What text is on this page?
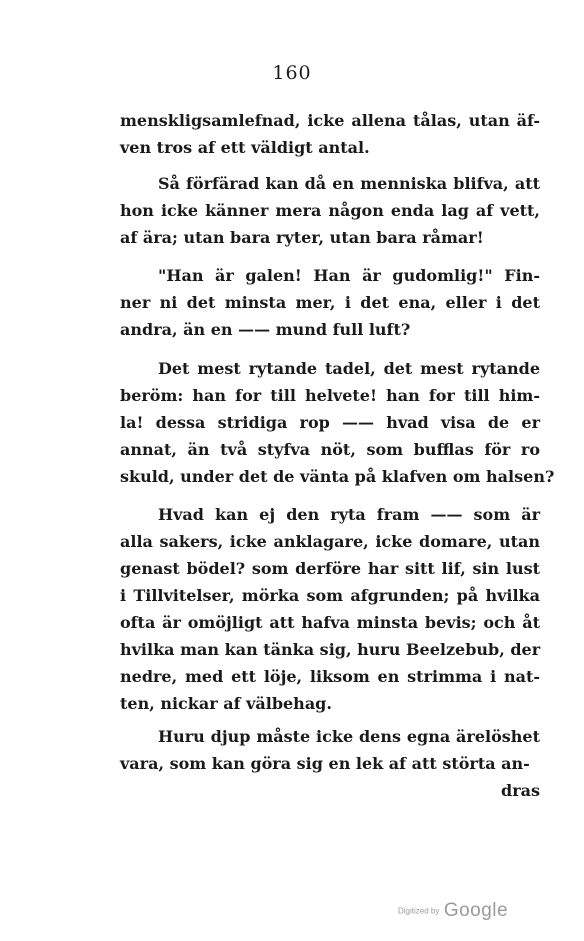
160
menskligsamlefnad, icke allena tålas, utan äf-
ven tros af ett väldigt antal.
Så förfärad kan då en menniska blifva, att
hon icke känner mera någon enda lag af vett,
af ära; utan bara ryter, utan bara råmar!
"Han är galen! Han är gudomlig!" Fin-
ner ni det minsta mer, i det ena, eller i det
andra, än en —— mund full luft?
Det mest rytande tadel, det mest rytande
beröm: han for till helvete! han for till him-
la! dessa stridiga rop —— hvad visa de er
annat, än två styfva nöt, som bufflas för ro
skuld, under det de vänta på klafven om halsen?
Hvad kan ej den ryta fram —— som är
alla sakers, icke anklagare, icke domare, utan
genast bödel? som derföre har sitt lif, sin lust
i Tillvitelser, mörka som afgrunden; på hvilka
ofta är omöjligt att hafva minsta bevis; och åt
hvilka man kan tänka sig, huru Beelzebub, der
nedre, med ett löje, liksom en strimma i nat-
ten, nickar af välbehag.
Huru djup måste icke dens egna ärelöshet
vara, som kan göra sig en lek af att störta an-
dras
Digitized by Google
